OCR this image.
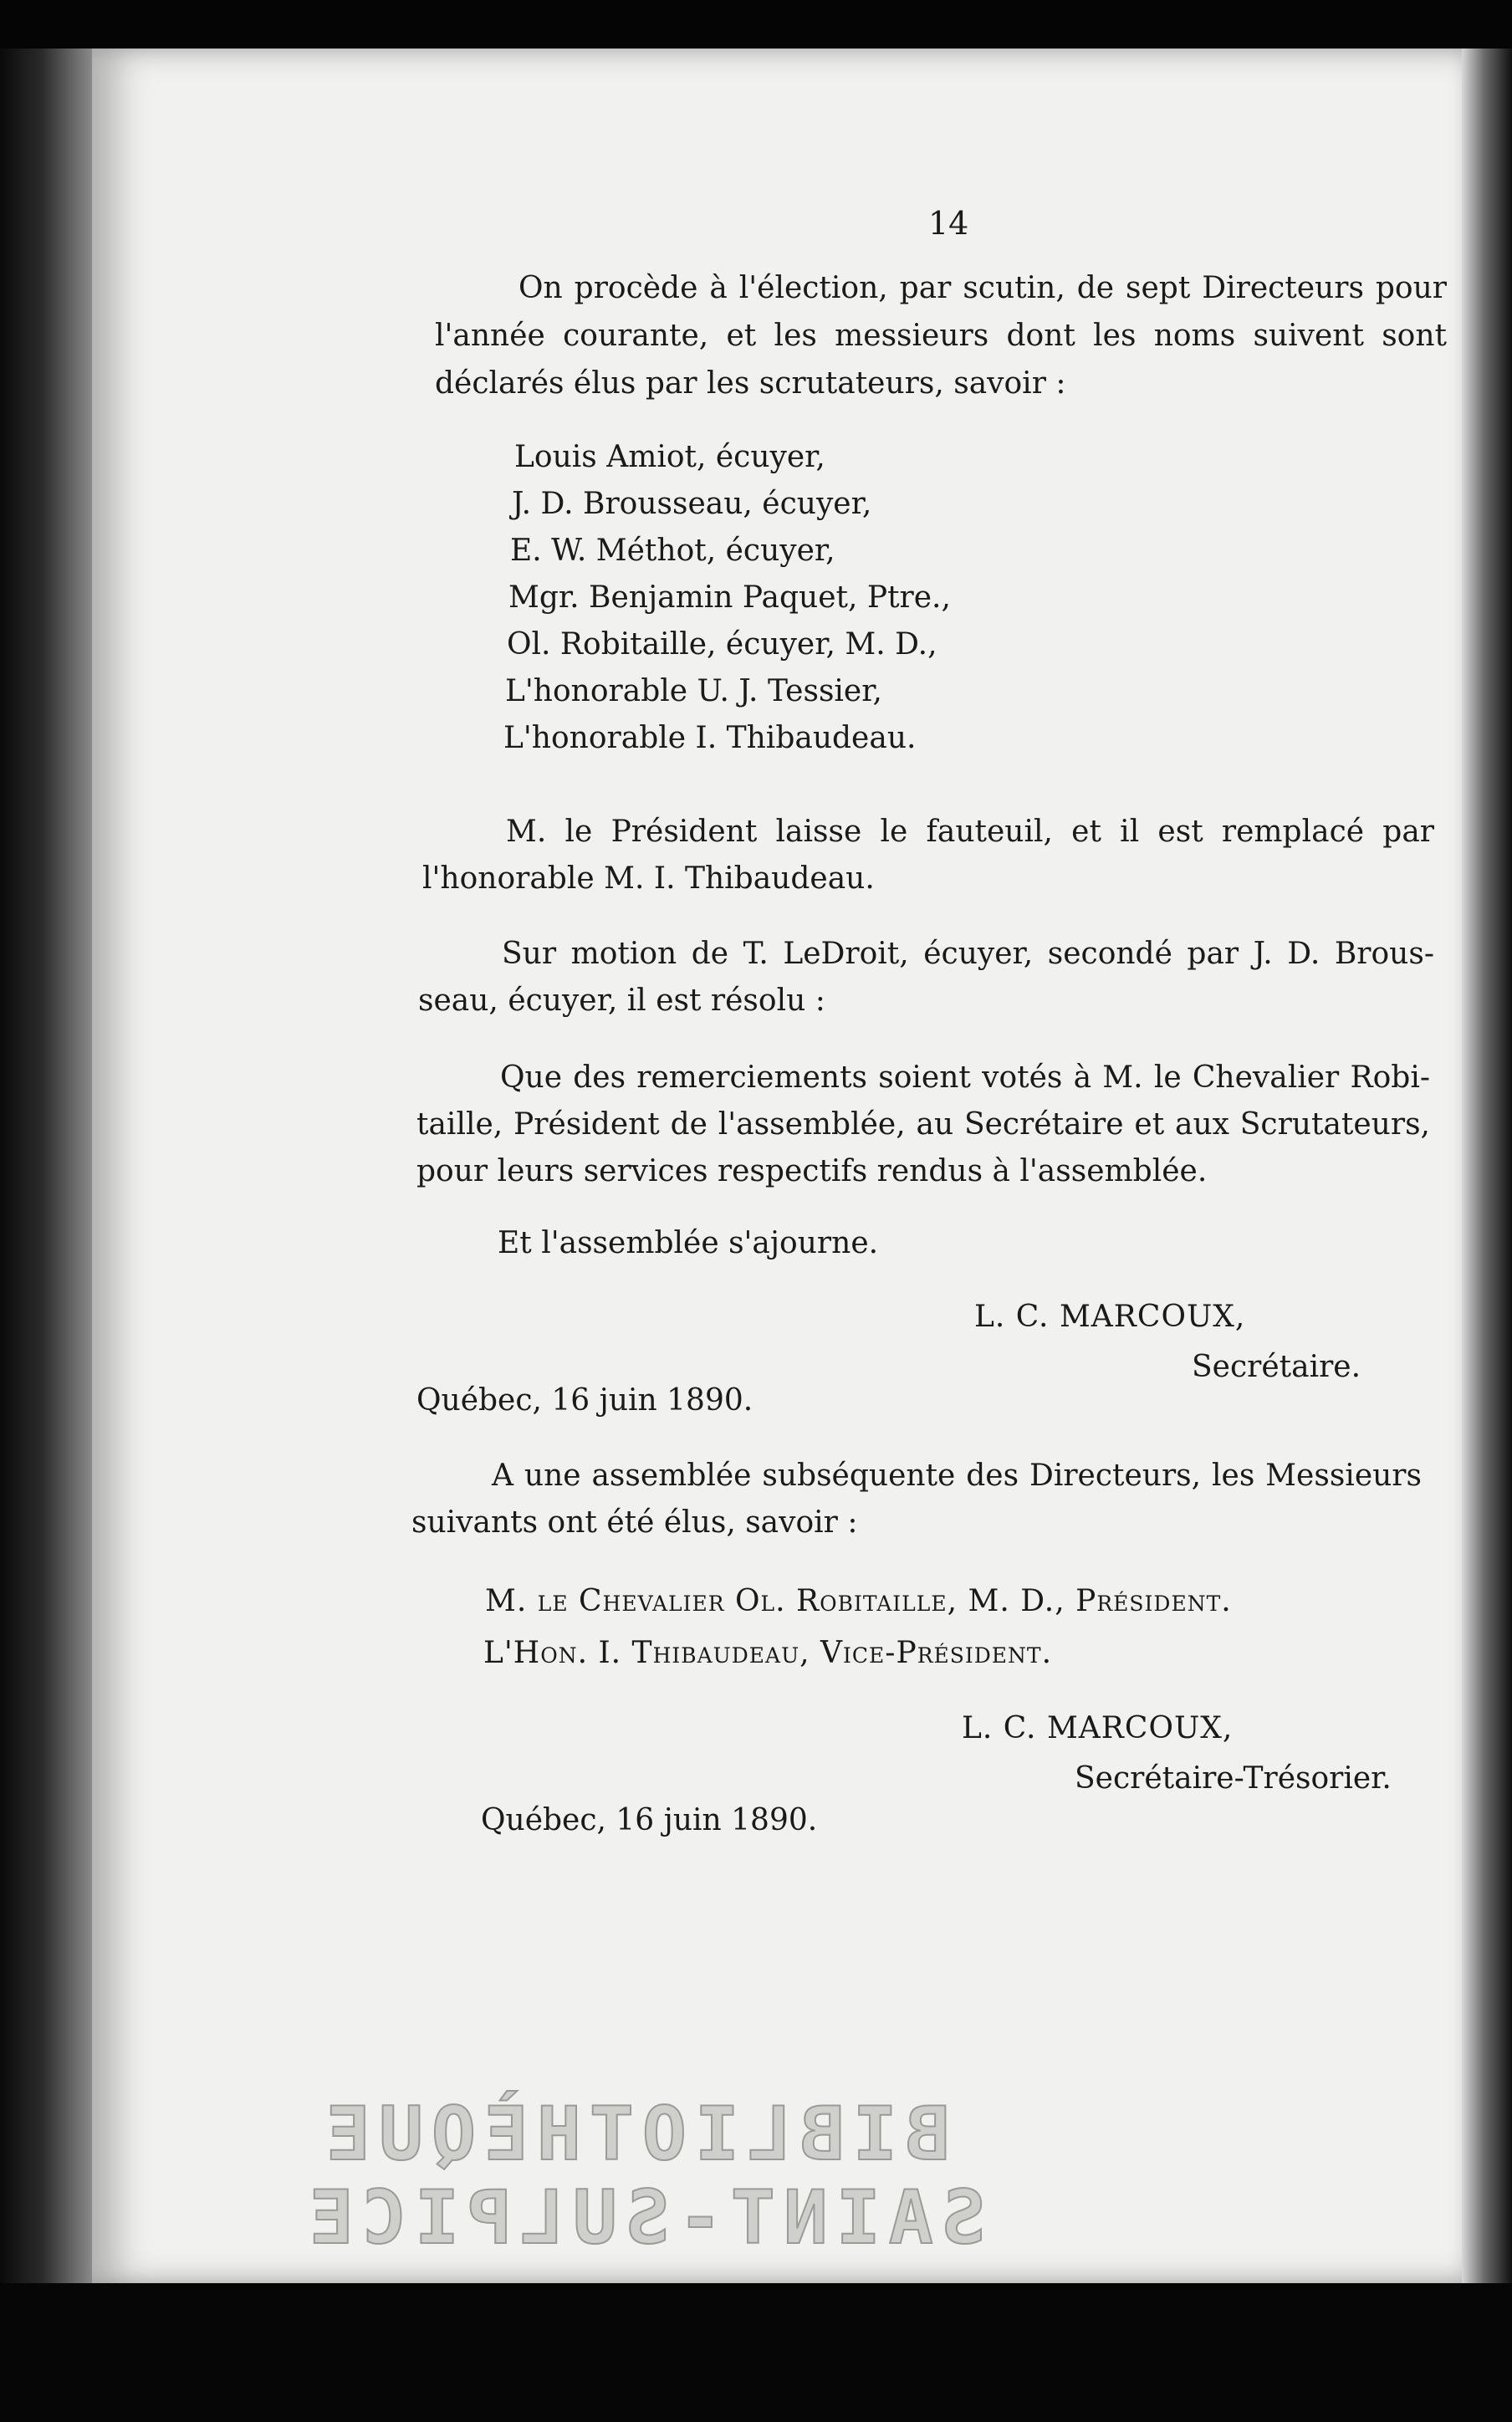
14
On procède à l'élection, par scutin, de sept Directeurs pour
l'année courante, et les messieurs dont les noms suivent sont
déclarés élus par les scrutateurs, savoir :
Louis Amiot, écuyer,
J. D. Brousseau, écuyer,
E. W. Méthot, écuyer,
Mgr. Benjamin Paquet, Ptre.,
Ol. Robitaille, écuyer, M. D.,
L'honorable U. J. Tessier,
L'honorable I. Thibaudeau.
M. le Président laisse le fauteuil, et il est remplacé par
l'honorable M. I. Thibaudeau.
Sur motion de T. LeDroit, écuyer, secondé par J. D. Brous-
seau, écuyer, il est résolu :
Que des remerciements soient votés à M. le Chevalier Robi-
taille, Président de l'assemblée, au Secrétaire et aux Scrutateurs,
pour leurs services respectifs rendus à l'assemblée.
Et l'assemblée s'ajourne.
L. C. MARCOUX,
Secrétaire.
Québec, 16 juin 1890.
A une assemblée subséquente des Directeurs, les Messieurs
suivants ont été élus, savoir :
M. le Chevalier Ol. Robitaille, M. D., Président.
L'Hon. I. Thibaudeau, Vice-Président.
L. C. MARCOUX,
Secrétaire-Trésorier.
Québec, 16 juin 1890.
BIBLIOTHÈQUE
SAINT-SULPICE
